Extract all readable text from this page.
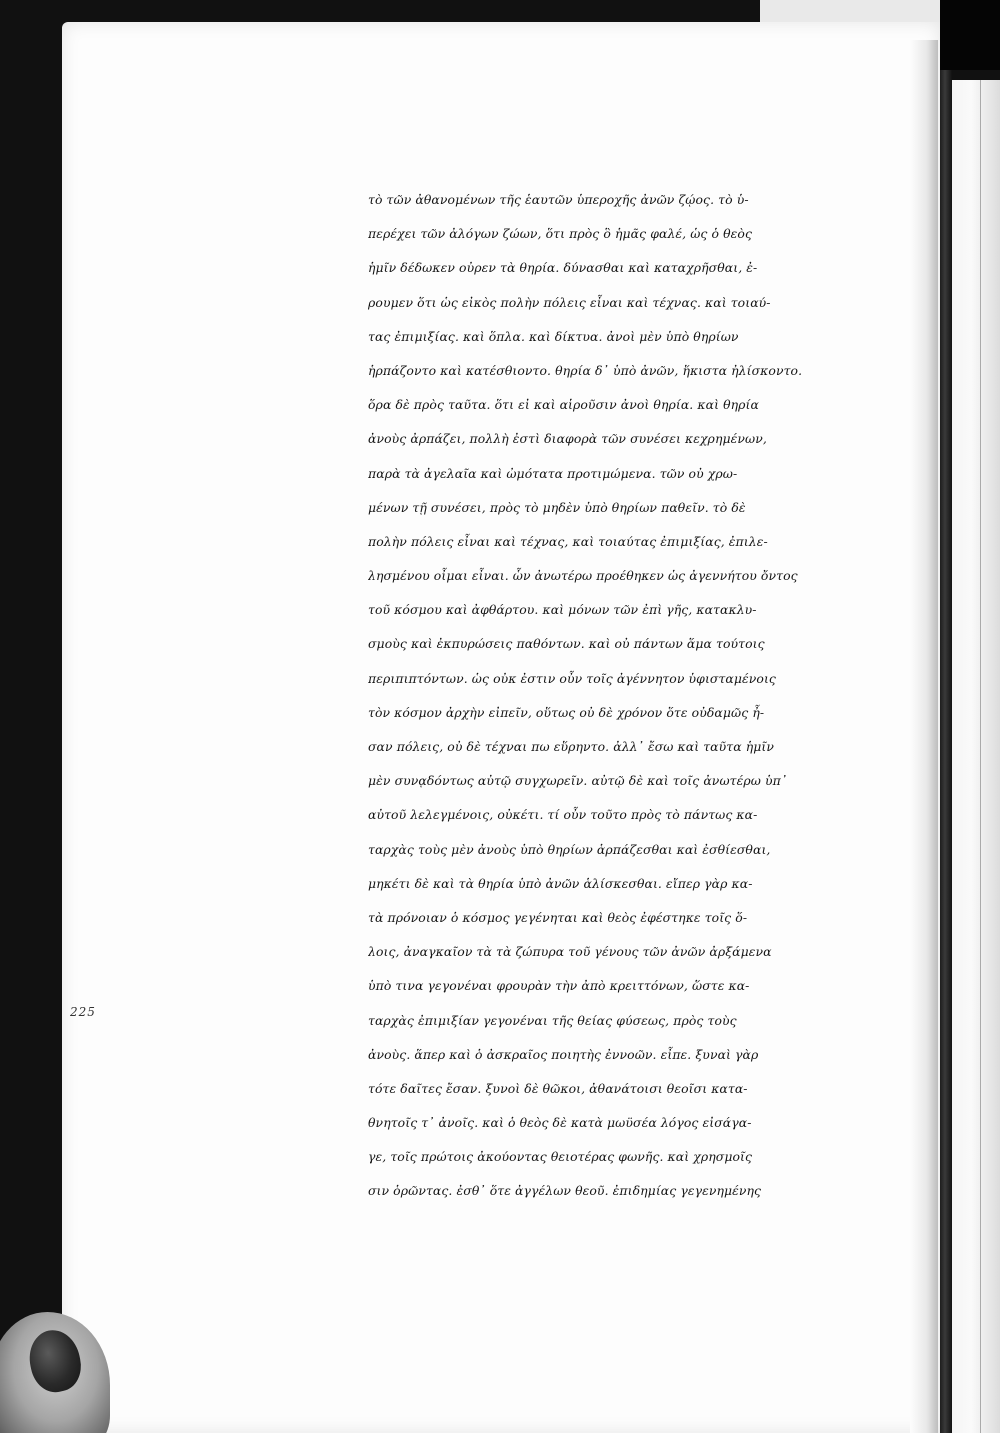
225
τὸ τῶν ἀθανομένων τῆς ἑαυτῶν ὑπεροχῆς ἀνῶν ζῴος. τὸ ὑ-
περέχει τῶν ἀλόγων ζώων, ὅτι πρὸς ὃ ἡμᾶς φαλέ, ὡς ὁ θεὸς
ἡμῖν δέδωκεν οὐρεν τὰ θηρία. δύνασθαι καὶ καταχρῆσθαι, ἐ-
ρουμεν ὅτι ὡς εἰκὸς πολὴν πόλεις εἶναι καὶ τέχνας. καὶ τοιαύ-
τας ἐπιμιξίας. καὶ ὅπλα. καὶ δίκτυα. ἀνοὶ μὲν ὑπὸ θηρίων
ἡρπάζοντο καὶ κατέσθιοντο. θηρία δ᾽ ὑπὸ ἀνῶν, ἥκιστα ἠλίσκοντο.
ὅρα δὲ πρὸς ταῦτα. ὅτι εἰ καὶ αἱροῦσιν ἀνοὶ θηρία. καὶ θηρία
ἀνοὺς ἀρπάζει, πολλὴ ἐστὶ διαφορὰ τῶν συνέσει κεχρημένων,
παρὰ τὰ ἀγελαῖα καὶ ὠμότατα προτιμώμενα. τῶν οὐ χρω-
μένων τῇ συνέσει, πρὸς τὸ μηδὲν ὑπὸ θηρίων παθεῖν. τὸ δὲ
πολὴν πόλεις εἶναι καὶ τέχνας, καὶ τοιαύτας ἐπιμιξίας, ἐπιλε-
λησμένου οἶμαι εἶναι. ὧν ἀνωτέρω προέθηκεν ὡς ἀγεννήτου ὄντος
τοῦ κόσμου καὶ ἀφθάρτου. καὶ μόνων τῶν ἐπὶ γῆς, κατακλυ-
σμοὺς καὶ ἐκπυρώσεις παθόντων. καὶ οὐ πάντων ἅμα τούτοις
περιπιπτόντων. ὡς οὐκ ἐστιν οὖν τοῖς ἀγέννητον ὑφισταμένοις
τὸν κόσμον ἀρχὴν εἰπεῖν, οὕτως οὐ δὲ χρόνον ὅτε οὐδαμῶς ἦ-
σαν πόλεις, οὐ δὲ τέχναι πω εὕρηντο. ἀλλ᾽ ἔσω καὶ ταῦτα ἡμῖν
μὲν συνᾳδόντως αὐτῷ συγχωρεῖν. αὐτῷ δὲ καὶ τοῖς ἀνωτέρω ὑπ᾽
αὐτοῦ λελεγμένοις, οὐκέτι. τί οὖν τοῦτο πρὸς τὸ πάντως κα-
ταρχὰς τοὺς μὲν ἀνοὺς ὑπὸ θηρίων ἁρπάζεσθαι καὶ ἐσθίεσθαι,
μηκέτι δὲ καὶ τὰ θηρία ὑπὸ ἀνῶν ἁλίσκεσθαι. εἴπερ γὰρ κα-
τὰ πρόνοιαν ὁ κόσμος γεγένηται καὶ θεὸς ἐφέστηκε τοῖς ὅ-
λοις, ἀναγκαῖον τὰ τὰ ζώπυρα τοῦ γένους τῶν ἀνῶν ἀρξάμενα
ὑπὸ τινα γεγονέναι φρουρὰν τὴν ἀπὸ κρειττόνων, ὥστε κα-
ταρχὰς ἐπιμιξίαν γεγονέναι τῆς θείας φύσεως, πρὸς τοὺς
ἀνοὺς. ἅπερ καὶ ὁ ἀσκραῖος ποιητὴς ἐννοῶν. εἶπε. ξυναὶ γὰρ
τότε δαῖτες ἔσαν. ξυνοὶ δὲ θῶκοι, ἀθανάτοισι θεοῖσι κατα-
θνητοῖς τ᾽ ἀνοῖς. καὶ ὁ θεὸς δὲ κατὰ μωϋσέα λόγος εἰσάγα-
γε, τοῖς πρώτοις ἀκούοντας θειοτέρας φωνῆς. καὶ χρησμοῖς
σιν ὁρῶντας. ἐσθ᾽ ὅτε ἀγγέλων θεοῦ. ἐπιδημίας γεγενημένης
